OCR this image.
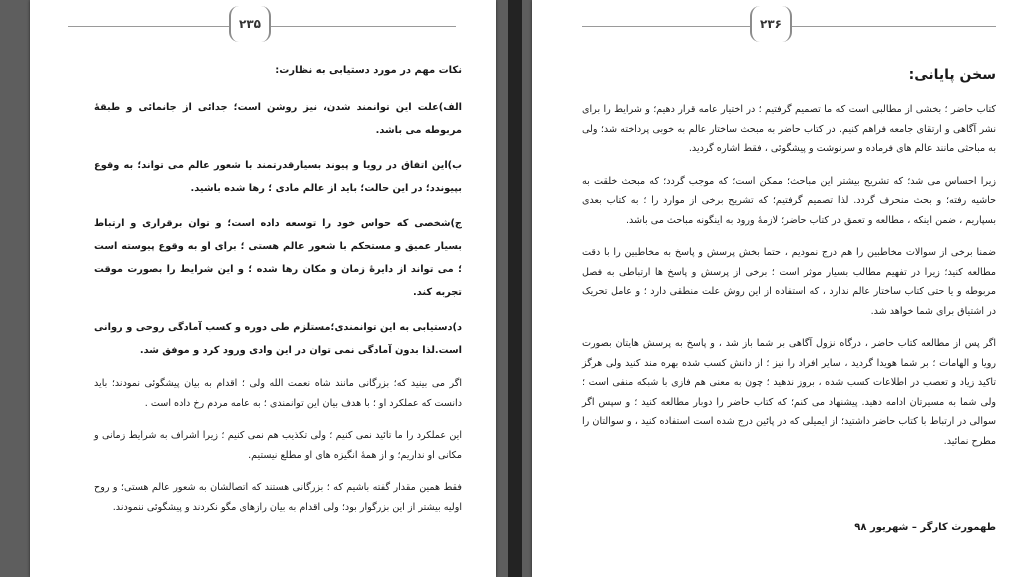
۲۳۵
نکات مهم در مورد دستیابی به نظارت:

الف)علت این توانمند شدن، نیز روشن است؛ جدائی از جانمائی و طبقهٔ مربوطه می باشد.

ب)این اتفاق در رویا و پیوند بسیارقدرتمند با شعور عالم می تواند؛ به وقوع بپیوندد؛ در این حالت؛ باید از عالم مادی ؛ رها شده باشید.

ج)شخصی که حواس خود را توسعه داده است؛ و توان برقراری و ارتباط بسیار عمیق و مستحکم با شعور عالم هستی ؛ برای او به وقوع پیوسته است ؛ می تواند از دایرهٔ زمان و مکان رها شده ؛ و این شرایط را بصورت موقت تجربه کند.

د)دستیابی به این توانمندی؛مستلزم طی دوره و کسب آمادگی روحی و روانی است.لذا بدون آمادگی نمی توان در این وادی ورود کرد و موفق شد.

اگر می بینید که؛ بزرگانی مانند شاه نعمت الله ولی ؛ اقدام به بیان پیشگوئی نمودند؛ باید دانست که عملکرد او ؛ با هدف بیان این توانمندی ؛ به عامه مردم رخ داده است .

این عملکرد را ما تائید نمی کنیم ؛ ولی تکذیب هم نمی کنیم ؛ زیرا اشراف به شرایط زمانی و مکانی او نداریم؛ و از همهٔ انگیزه های او مطلع نیستیم.

فقط همین مقدار گفته باشیم که ؛ بزرگانی هستند که اتصالشان به شعور عالم هستی؛ و روح اولیه بیشتر از این بزرگوار بود؛ ولی اقدام به بیان رازهای مگو نکردند و پیشگوئی ننمودند.

۲۳۶
سخن پایانی:

کتاب حاضر ؛ بخشی از مطالبی است که ما تصمیم گرفتیم ؛ در اختیار عامه قرار دهیم؛ و شرایط را برای نشر آگاهی و ارتقای جامعه فراهم کنیم. در کتاب حاضر به مبحث ساختار عالم به خوبی پرداخته شد؛ ولی به مباحثی مانند عالم های فرماده و سرنوشت و پیشگوئی ، فقط اشاره گردید.

زیرا احساس می شد؛ که تشریح بیشتر این مباحث؛ ممکن است؛ که موجب گردد؛ که مبحث خلقت به حاشیه رفته؛ و بحث منحرف گردد. لذا تصمیم گرفتیم؛ که تشریح برخی از موارد را ؛ به کتاب بعدی بسپاریم ، ضمن اینکه ، مطالعه و تعمق در کتاب حاضر؛ لازمهٔ ورود به اینگونه مباحث می باشد.

ضمنا برخی از سوالات مخاطبین را هم درج نمودیم ، حتما بخش پرسش و پاسخ به مخاطبین را با دقت مطالعه کنید؛ زیرا در تفهیم مطالب بسیار موثر است ؛ برخی از پرسش و پاسخ ها ارتباطی به فصل مربوطه و یا حتی کتاب ساختار عالم ندارد ، که استفاده از این روش علت منطقی دارد ؛ و عامل تحریک در اشتیاق برای شما خواهد شد.

اگر پس از مطالعه کتاب حاضر ، درگاه نزول آگاهی بر شما باز شد ، و پاسخ به پرسش هایتان بصورت رویا و الهامات ؛ بر شما هویدا گردید ، سایر افراد را نیز ؛ از دانش کسب شده بهره مند کنید ولی هرگز تاکید زیاد و تعصب در اطلاعات کسب شده ، بروز ندهید ؛ چون به معنی هم فازی با شبکه منفی است ؛ ولی شما به مسیرتان ادامه دهید. پیشنهاد می کنم؛ که کتاب حاضر را دوبار مطالعه کنید ؛ و سپس اگر سوالی در ارتباط با کتاب حاضر داشتید؛ از ایمیلی که در پائین درج شده است استفاده کنید ، و سوالتان را مطرح نمائید.

طهمورث کارگر – شهریور ۹۸
